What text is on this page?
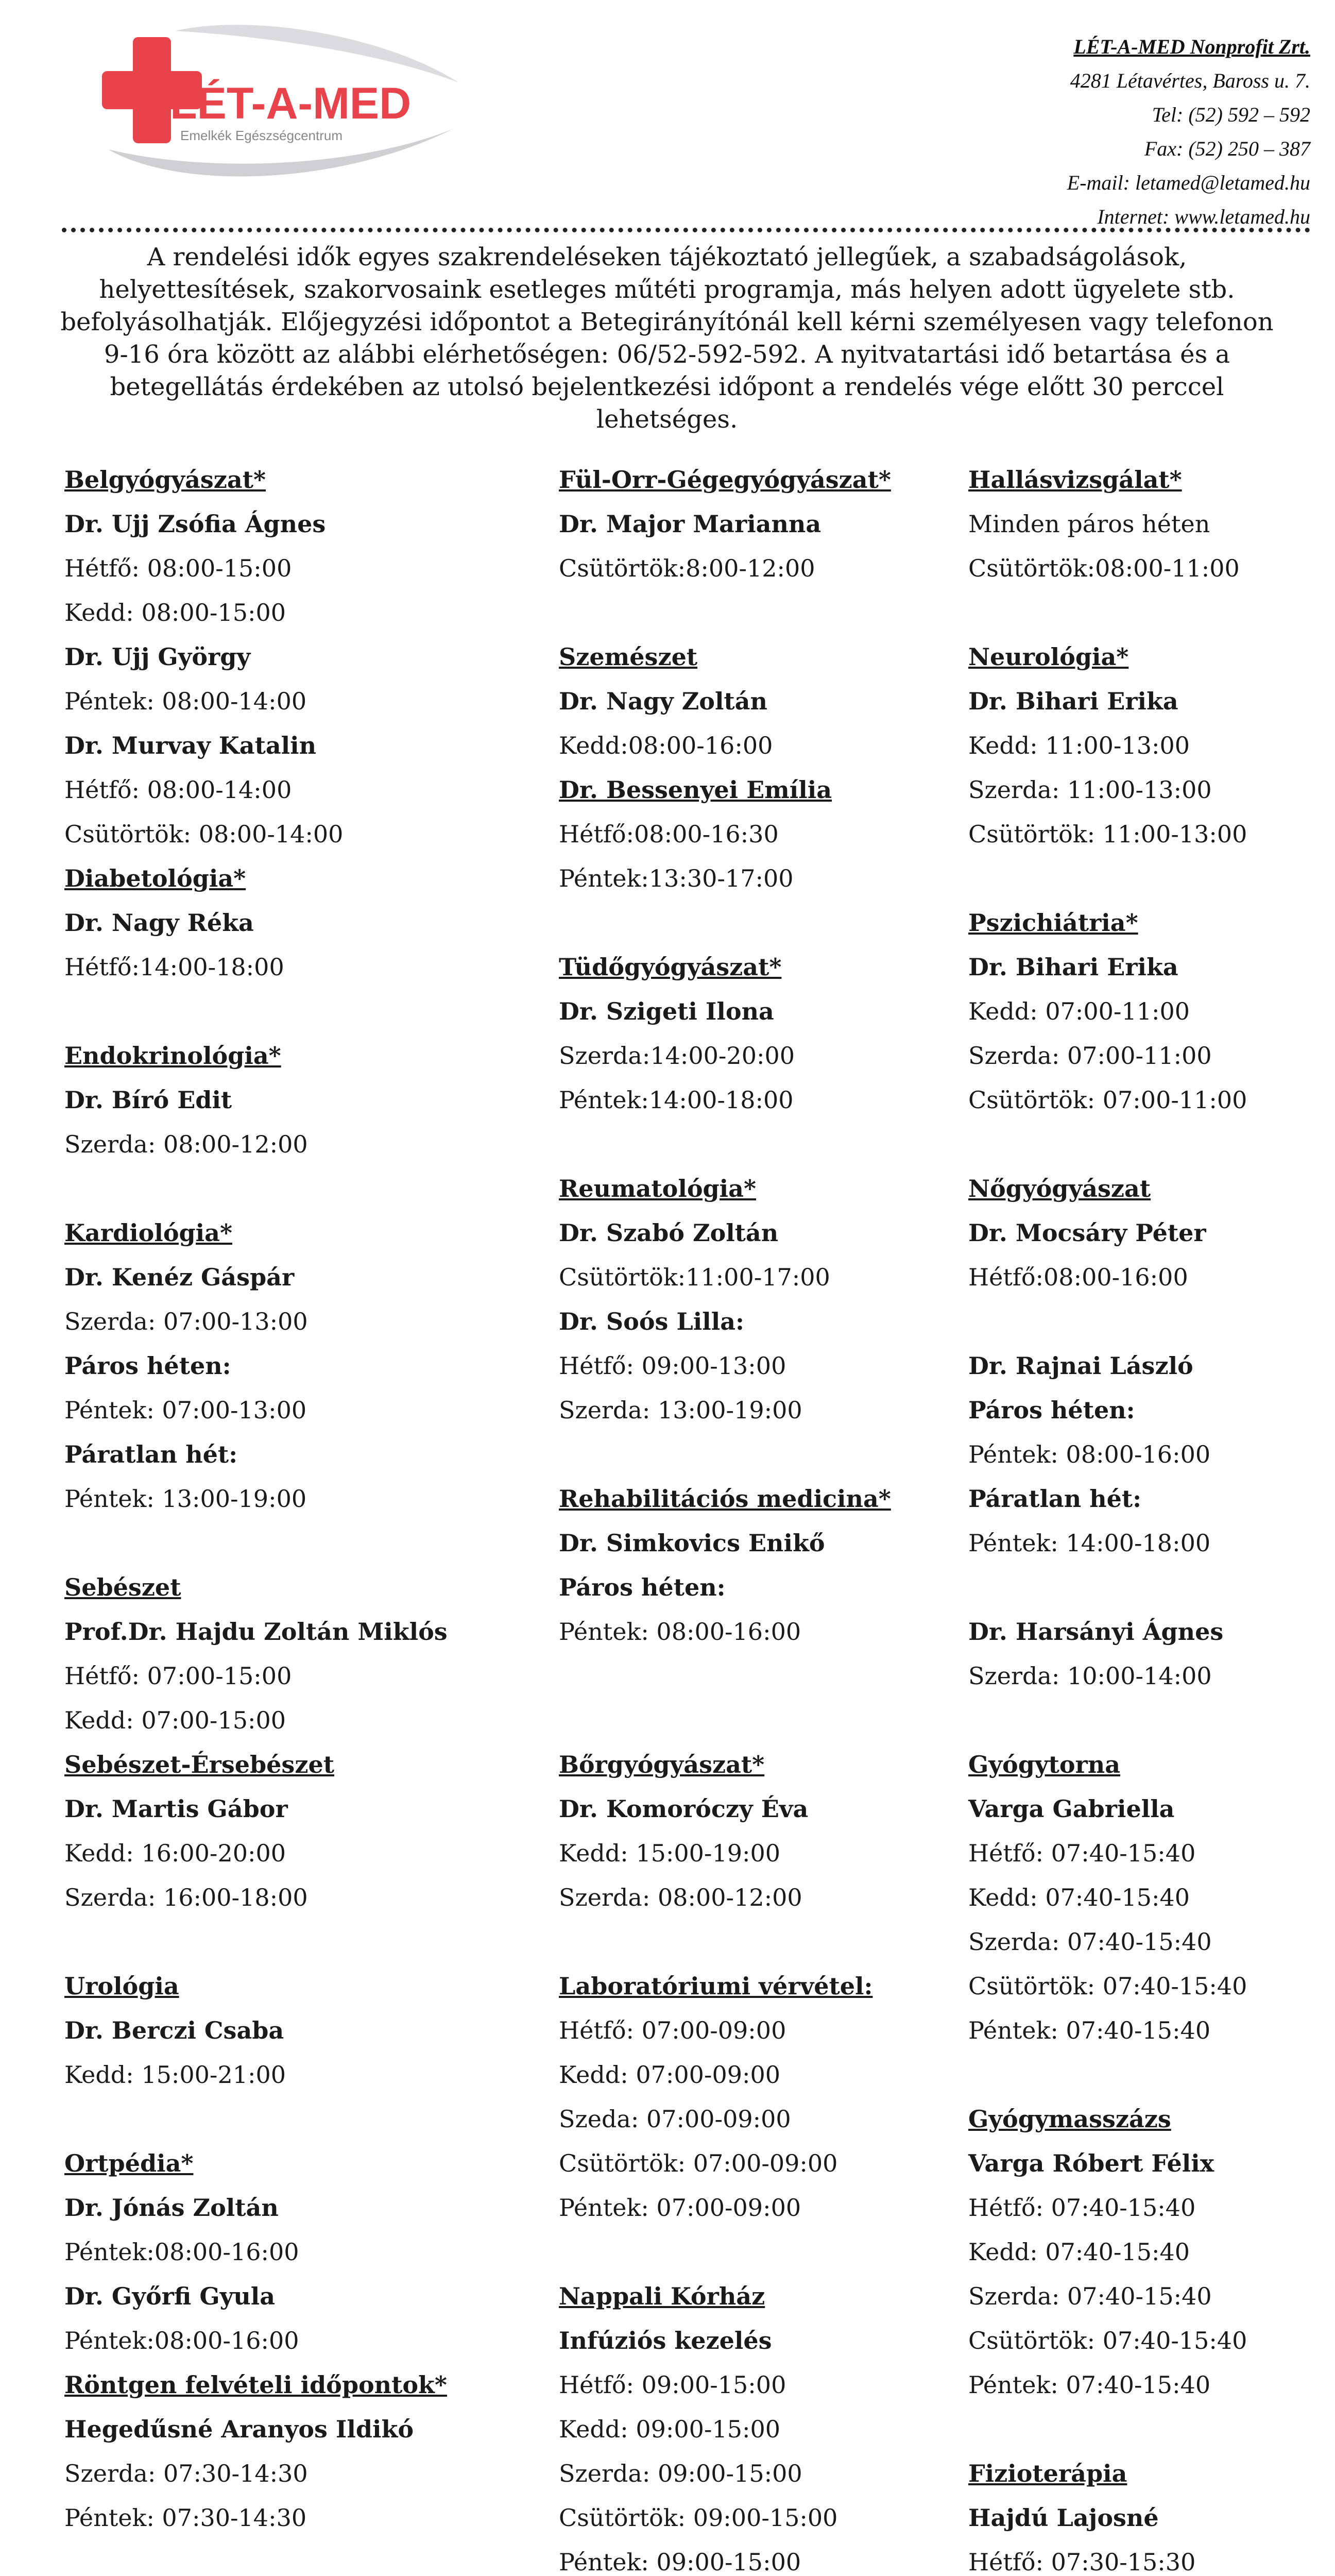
LÉT-A-MED
Emelkék Egészségcentrum
LÉT-A-MED Nonprofit Zrt.
4281 Létavértes, Baross u. 7.
Tel: (52) 592 – 592
Fax: (52) 250 – 387
E-mail: letamed@letamed.hu
Internet: www.letamed.hu

A rendelési idők egyes szakrendeléseken tájékoztató jellegűek, a szabadságolások, helyettesítések, szakorvosaink esetleges műtéti programja, más helyen adott ügyelete stb. befolyásolhatják. Előjegyzési időpontot a Betegirányítónál kell kérni személyesen vagy telefonon 9-16 óra között az alábbi elérhetőségen: 06/52-592-592. A nyitvatartási idő betartása és a betegellátás érdekében az utolsó bejelentkezési időpont a rendelés vége előtt 30 perccel lehetséges.

Belgyógyászat*
Dr. Ujj Zsófia Ágnes
Hétfő: 08:00-15:00
Kedd: 08:00-15:00
Dr. Ujj György
Péntek: 08:00-14:00
Dr. Murvay Katalin
Hétfő: 08:00-14:00
Csütörtök: 08:00-14:00
Diabetológia*
Dr. Nagy Réka
Hétfő:14:00-18:00
Endokrinológia*
Dr. Bíró Edit
Szerda: 08:00-12:00
Kardiológia*
Dr. Kenéz Gáspár
Szerda: 07:00-13:00
Páros héten:
Péntek: 07:00-13:00
Páratlan hét:
Péntek: 13:00-19:00
Sebészet
Prof.Dr. Hajdu Zoltán Miklós
Hétfő: 07:00-15:00
Kedd: 07:00-15:00
Sebészet-Érsebészet
Dr. Martis Gábor
Kedd: 16:00-20:00
Szerda: 16:00-18:00
Urológia
Dr. Berczi Csaba
Kedd: 15:00-21:00
Ortpédia*
Dr. Jónás Zoltán
Péntek:08:00-16:00
Dr. Győrfi Gyula
Péntek:08:00-16:00
Röntgen felvételi időpontok*
Hegedűsné Aranyos Ildikó
Szerda: 07:30-14:30
Péntek: 07:30-14:30
Fül-Orr-Gégegyógyászat*
Dr. Major Marianna
Csütörtök:8:00-12:00
Szemészet
Dr. Nagy Zoltán
Kedd:08:00-16:00
Dr. Bessenyei Emília
Hétfő:08:00-16:30
Péntek:13:30-17:00
Tüdőgyógyászat*
Dr. Szigeti Ilona
Szerda:14:00-20:00
Péntek:14:00-18:00
Reumatológia*
Dr. Szabó Zoltán
Csütörtök:11:00-17:00
Dr. Soós Lilla:
Hétfő: 09:00-13:00
Szerda: 13:00-19:00
Rehabilitációs medicina*
Dr. Simkovics Enikő
Páros héten:
Péntek: 08:00-16:00
Bőrgyógyászat*
Dr. Komoróczy Éva
Kedd: 15:00-19:00
Szerda: 08:00-12:00
Laboratóriumi vérvétel:
Hétfő: 07:00-09:00
Kedd: 07:00-09:00
Szeda: 07:00-09:00
Csütörtök: 07:00-09:00
Péntek: 07:00-09:00
Nappali Kórház
Infúziós kezelés
Hétfő: 09:00-15:00
Kedd: 09:00-15:00
Szerda: 09:00-15:00
Csütörtök: 09:00-15:00
Péntek: 09:00-15:00
Hallásvizsgálat*
Minden páros héten
Csütörtök:08:00-11:00
Neurológia*
Dr. Bihari Erika
Kedd: 11:00-13:00
Szerda: 11:00-13:00
Csütörtök: 11:00-13:00
Pszichiátria*
Dr. Bihari Erika
Kedd: 07:00-11:00
Szerda: 07:00-11:00
Csütörtök: 07:00-11:00
Nőgyógyászat
Dr. Mocsáry Péter
Hétfő:08:00-16:00
Dr. Rajnai László
Páros héten:
Péntek: 08:00-16:00
Páratlan hét:
Péntek: 14:00-18:00
Dr. Harsányi Ágnes
Szerda: 10:00-14:00
Gyógytorna
Varga Gabriella
Hétfő: 07:40-15:40
Kedd: 07:40-15:40
Szerda: 07:40-15:40
Csütörtök: 07:40-15:40
Péntek: 07:40-15:40
Gyógymasszázs
Varga Róbert Félix
Hétfő: 07:40-15:40
Kedd: 07:40-15:40
Szerda: 07:40-15:40
Csütörtök: 07:40-15:40
Péntek: 07:40-15:40
Fizioterápia
Hajdú Lajosné
Hétfő: 07:30-15:30
